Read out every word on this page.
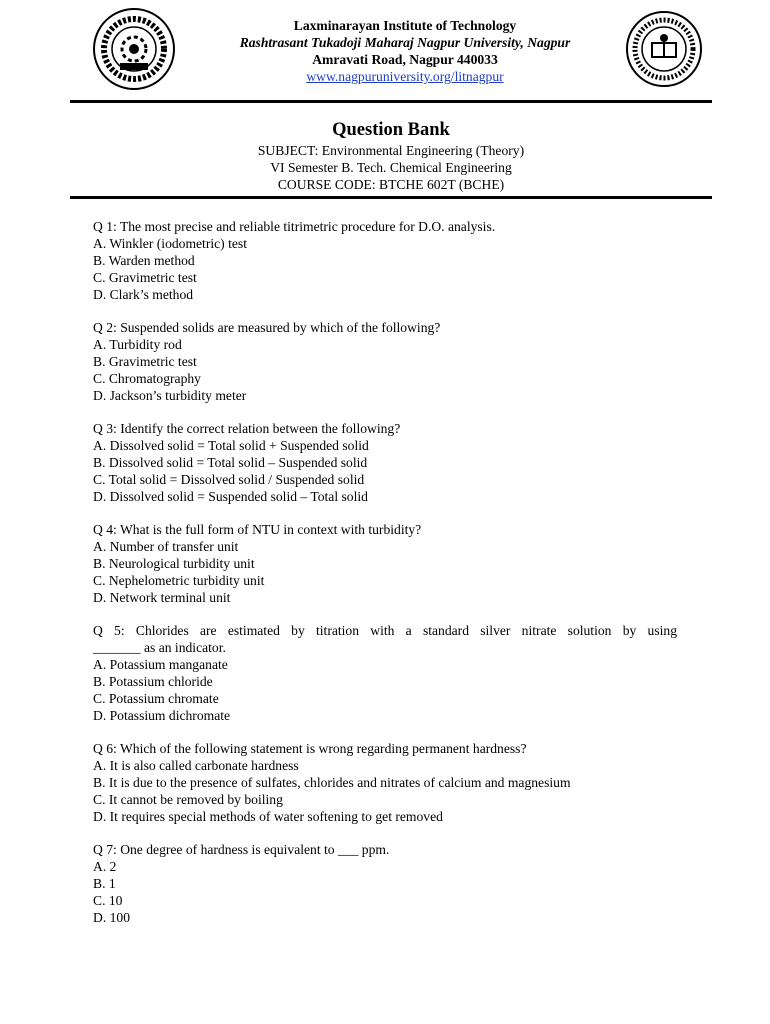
Laxminarayan Institute of Technology
Rashtrasant Tukadoji Maharaj Nagpur University, Nagpur
Amravati Road, Nagpur 440033
www.nagpuruniversity.org/litnagpur
Question Bank
SUBJECT: Environmental Engineering (Theory)
VI Semester B. Tech. Chemical Engineering
COURSE CODE: BTCHE 602T (BCHE)
Q 1: The most precise and reliable titrimetric procedure for D.O. analysis.
A. Winkler (iodometric) test
B. Warden method
C. Gravimetric test
D. Clark’s method
Q 2: Suspended solids are measured by which of the following?
A. Turbidity rod
B. Gravimetric test
C. Chromatography
D. Jackson’s turbidity meter
Q 3: Identify the correct relation between the following?
A. Dissolved solid = Total solid + Suspended solid
B. Dissolved solid = Total solid – Suspended solid
C. Total solid = Dissolved solid / Suspended solid
D. Dissolved solid = Suspended solid – Total solid
Q 4: What is the full form of NTU in context with turbidity?
A. Number of transfer unit
B. Neurological turbidity unit
C. Nephelometric turbidity unit
D. Network terminal unit
Q 5: Chlorides are estimated by titration with a standard silver nitrate solution by using
_______ as an indicator.
A. Potassium manganate
B. Potassium chloride
C. Potassium chromate
D. Potassium dichromate
Q 6: Which of the following statement is wrong regarding permanent hardness?
A. It is also called carbonate hardness
B. It is due to the presence of sulfates, chlorides and nitrates of calcium and magnesium
C. It cannot be removed by boiling
D. It requires special methods of water softening to get removed
Q 7: One degree of hardness is equivalent to ___ ppm.
A. 2
B. 1
C. 10
D. 100
